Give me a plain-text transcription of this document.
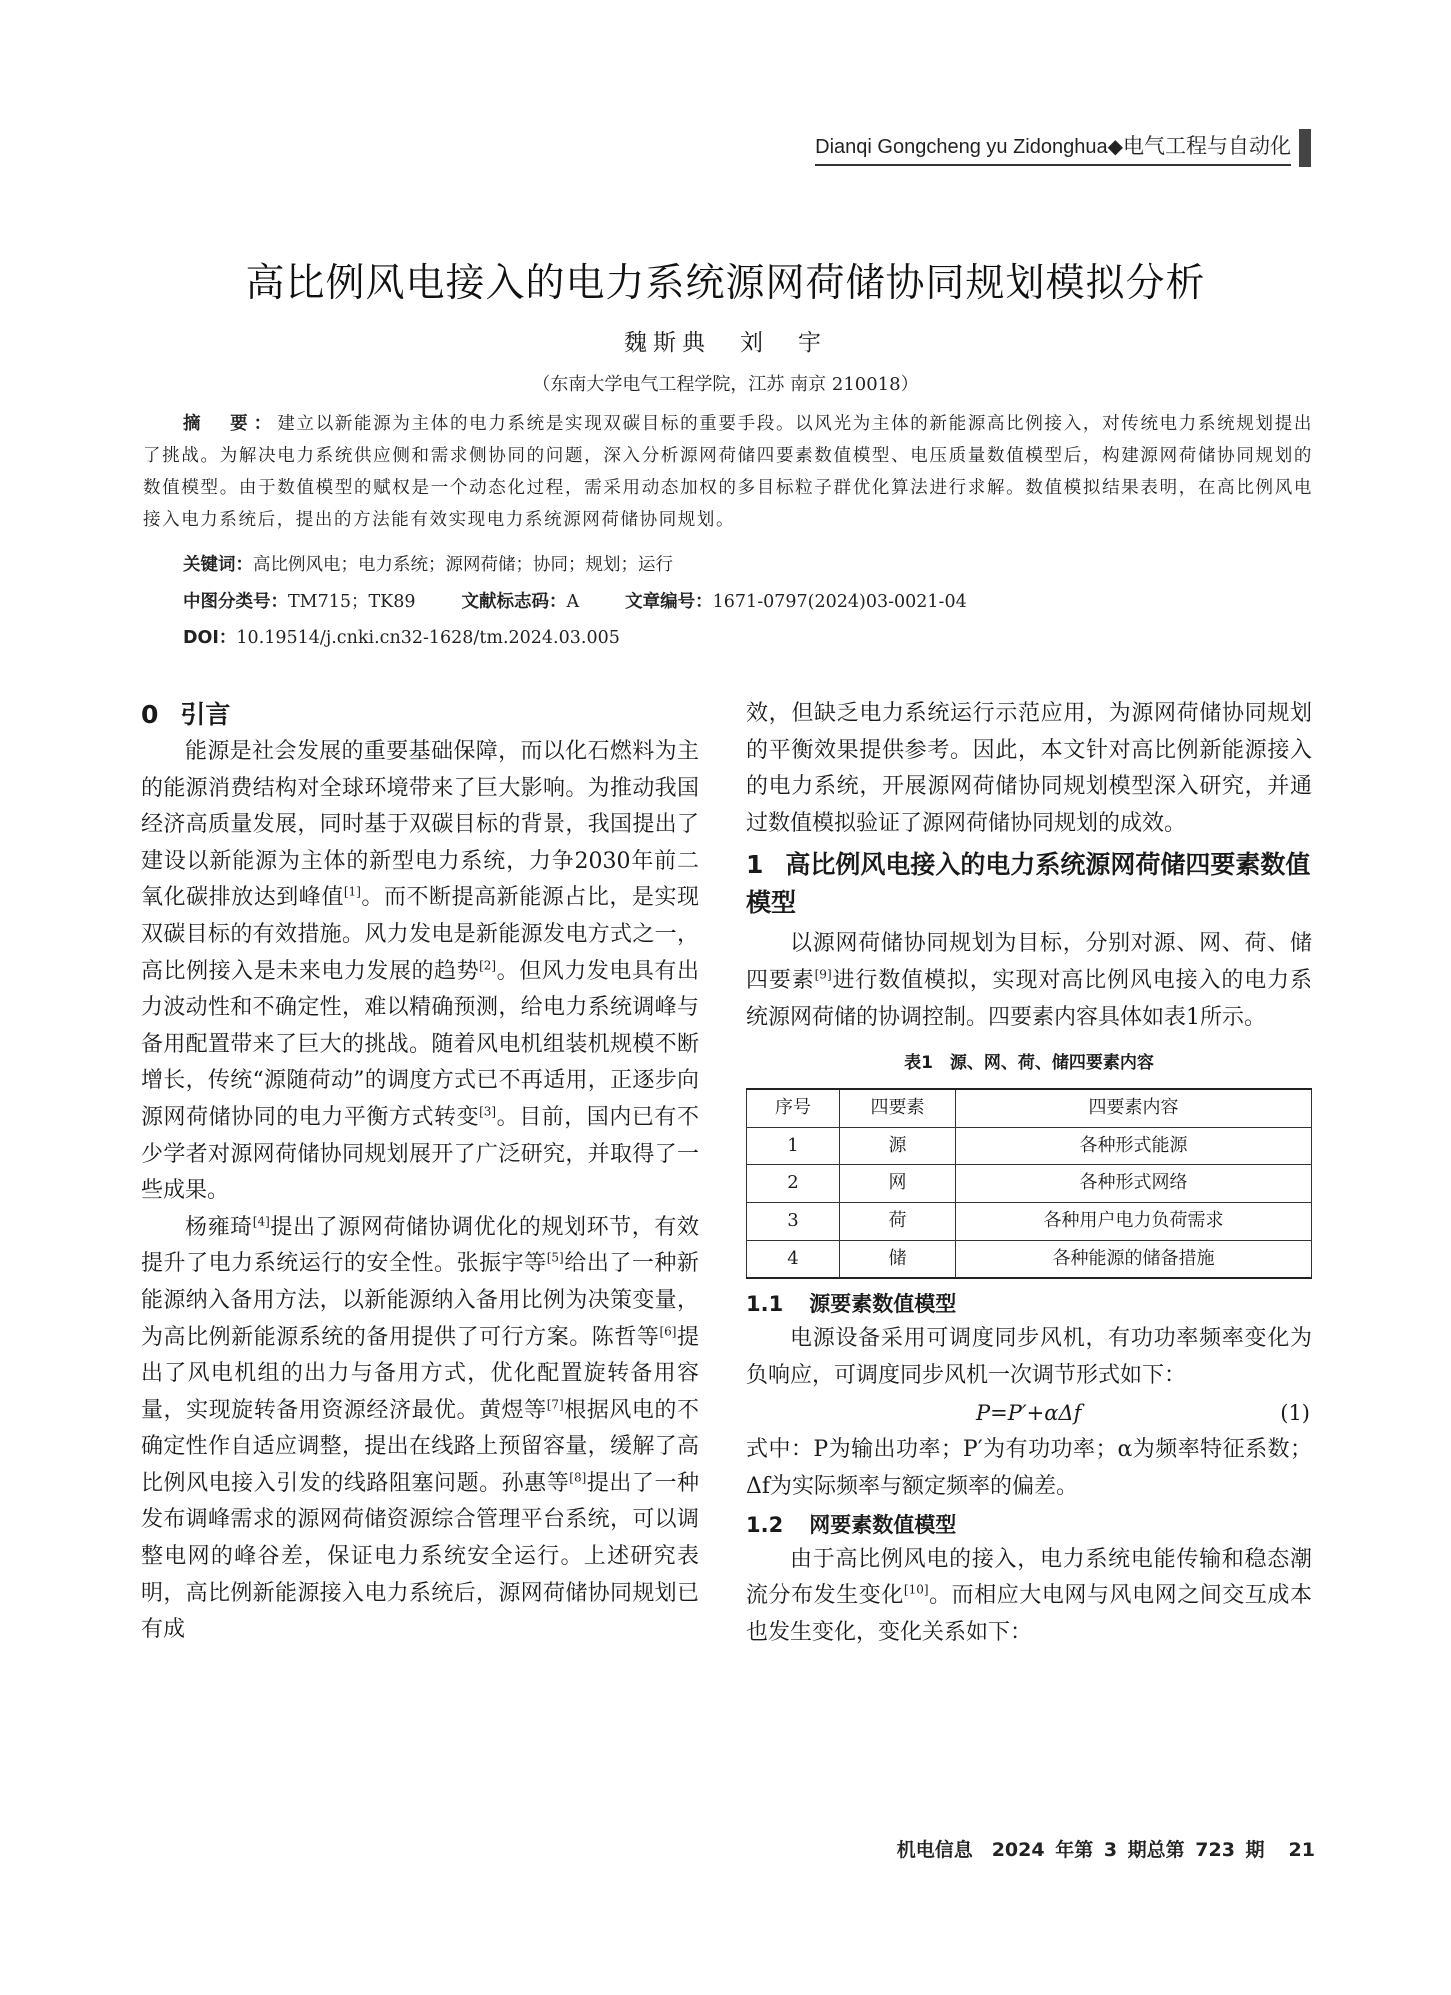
Dianqi Gongcheng yu Zidonghua◆电气工程与自动化
高比例风电接入的电力系统源网荷储协同规划模拟分析
魏斯典　刘　宇
（东南大学电气工程学院，江苏 南京 210018）
摘　要：建立以新能源为主体的电力系统是实现双碳目标的重要手段。以风光为主体的新能源高比例接入，对传统电力系统规划提出了挑战。为解决电力系统供应侧和需求侧协同的问题，深入分析源网荷储四要素数值模型、电压质量数值模型后，构建源网荷储协同规划的数值模型。由于数值模型的赋权是一个动态化过程，需采用动态加权的多目标粒子群优化算法进行求解。数值模拟结果表明，在高比例风电接入电力系统后，提出的方法能有效实现电力系统源网荷储协同规划。
关键词：高比例风电；电力系统；源网荷储；协同；规划；运行
中图分类号：TM715；TK89	文献标志码：A	文章编号：1671-0797(2024)03-0021-04
DOI：10.19514/j.cnki.cn32-1628/tm.2024.03.005
0 引言

能源是社会发展的重要基础保障，而以化石燃料为主的能源消费结构对全球环境带来了巨大影响。为推动我国经济高质量发展，同时基于双碳目标的背景，我国提出了建设以新能源为主体的新型电力系统，力争2030年前二氧化碳排放达到峰值[1]。而不断提高新能源占比，是实现双碳目标的有效措施。风力发电是新能源发电方式之一，高比例接入是未来电力发展的趋势[2]。但风力发电具有出力波动性和不确定性，难以精确预测，给电力系统调峰与备用配置带来了巨大的挑战。随着风电机组装机规模不断增长，传统“源随荷动”的调度方式已不再适用，正逐步向源网荷储协同的电力平衡方式转变[3]。目前，国内已有不少学者对源网荷储协同规划展开了广泛研究，并取得了一些成果。

杨雍琦[4]提出了源网荷储协调优化的规划环节，有效提升了电力系统运行的安全性。张振宇等[5]给出了一种新能源纳入备用方法，以新能源纳入备用比例为决策变量，为高比例新能源系统的备用提供了可行方案。陈哲等[6]提出了风电机组的出力与备用方式，优化配置旋转备用容量，实现旋转备用资源经济最优。黄煜等[7]根据风电的不确定性作自适应调整，提出在线路上预留容量，缓解了高比例风电接入引发的线路阻塞问题。孙惠等[8]提出了一种发布调峰需求的源网荷储资源综合管理平台系统，可以调整电网的峰谷差，保证电力系统安全运行。上述研究表明，高比例新能源接入电力系统后，源网荷储协同规划已有成

效，但缺乏电力系统运行示范应用，为源网荷储协同规划的平衡效果提供参考。因此，本文针对高比例新能源接入的电力系统，开展源网荷储协同规划模型深入研究，并通过数值模拟验证了源网荷储协同规划的成效。

1 高比例风电接入的电力系统源网荷储四要素数值模型

以源网荷储协同规划为目标，分别对源、网、荷、储四要素[9]进行数值模拟，实现对高比例风电接入的电力系统源网荷储的协调控制。四要素内容具体如表1所示。

表1　源、网、荷、储四要素内容
序号	四要素	四要素内容
1	源	各种形式能源
2	网	各种形式网络
3	荷	各种用户电力负荷需求
4	储	各种能源的储备措施
1.1 源要素数值模型

电源设备采用可调度同步风机，有功功率频率变化为负响应，可调度同步风机一次调节形式如下：

P=P′+αΔf	(1)

式中：P为输出功率；P′为有功功率；α为频率特征系数；Δf为实际频率与额定频率的偏差。

1.2 网要素数值模型

由于高比例风电的接入，电力系统电能传输和稳态潮流分布发生变化[10]。而相应大电网与风电网之间交互成本也发生变化，变化关系如下：

机电信息　2024 年第 3 期总第 723 期 21
